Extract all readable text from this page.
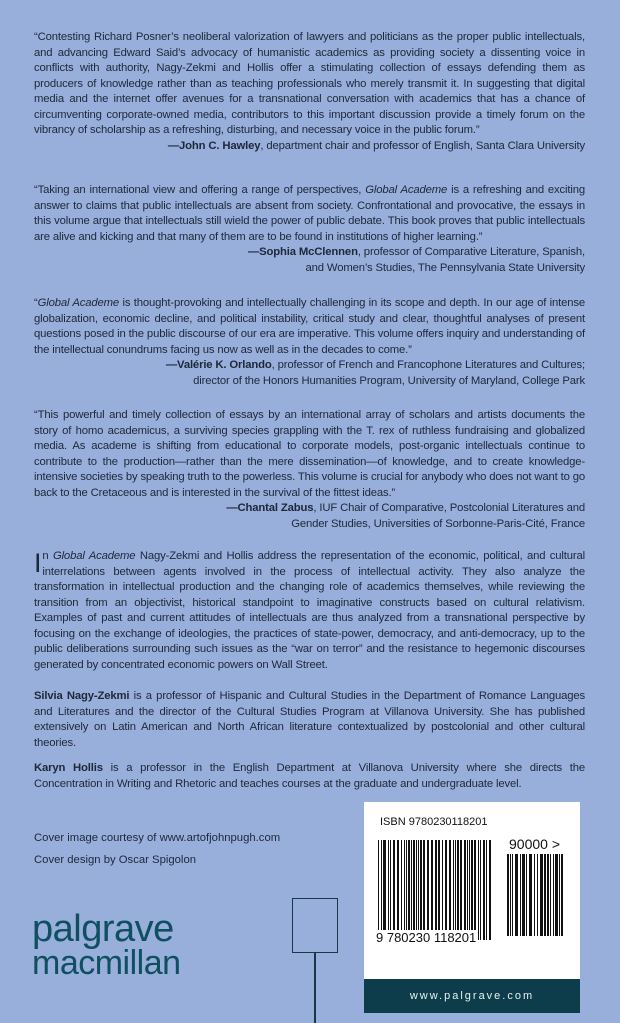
“Contesting Richard Posner’s neoliberal valorization of lawyers and politicians as the proper public intellectuals, and advancing Edward Said’s advocacy of humanistic academics as providing society a dissenting voice in conflicts with authority, Nagy-Zekmi and Hollis offer a stimulating collection of essays defending them as producers of knowledge rather than as teaching professionals who merely transmit it. In suggesting that digital media and the internet offer avenues for a transnational conversation with academics that has a chance of circumventing corporate-owned media, contributors to this important discussion provide a timely forum on the vibrancy of scholarship as a refreshing, disturbing, and necessary voice in the public forum.”

—John C. Hawley, department chair and professor of English, Santa Clara University

“Taking an international view and offering a range of perspectives, Global Academe is a refreshing and exciting answer to claims that public intellectuals are absent from society. Confrontational and provocative, the essays in this volume argue that intellectuals still wield the power of public debate. This book proves that public intellectuals are alive and kicking and that many of them are to be found in institutions of higher learning.”

—Sophia McClennen, professor of Comparative Literature, Spanish,
and Women’s Studies, The Pennsylvania State University

“Global Academe is thought-provoking and intellectually challenging in its scope and depth. In our age of intense globalization, economic decline, and political instability, critical study and clear, thoughtful analyses of present questions posed in the public discourse of our era are imperative. This volume offers inquiry and understanding of the intellectual conundrums facing us now as well as in the decades to come.”

—Valérie K. Orlando, professor of French and Francophone Literatures and Cultures;
director of the Honors Humanities Program, University of Maryland, College Park

“This powerful and timely collection of essays by an international array of scholars and artists documents the story of homo academicus, a surviving species grappling with the T. rex of ruthless fundraising and globalized media. As academe is shifting from educational to corporate models, post-organic intellectuals continue to contribute to the production—rather than the mere dissemination—of knowledge, and to create knowledge-intensive societies by speaking truth to the powerless. This volume is crucial for anybody who does not want to go back to the Cretaceous and is interested in the survival of the fittest ideas.”

—Chantal Zabus, IUF Chair of Comparative, Postcolonial Literatures and
Gender Studies, Universities of Sorbonne-Paris-Cité, France

In Global Academe Nagy-Zekmi and Hollis address the representation of the economic, political, and cultural interrelations between agents involved in the process of intellectual activity. They also analyze the transformation in intellectual production and the changing role of academics themselves, while reviewing the transition from an objectivist, historical standpoint to imaginative constructs based on cultural relativism. Examples of past and current attitudes of intellectuals are thus analyzed from a transnational perspective by focusing on the exchange of ideologies, the practices of state-power, democracy, and anti-democracy, up to the public deliberations surrounding such issues as the “war on terror” and the resistance to hegemonic discourses generated by concentrated economic powers on Wall Street.

Silvia Nagy-Zekmi is a professor of Hispanic and Cultural Studies in the Department of Romance Languages and Literatures and the director of the Cultural Studies Program at Villanova University. She has published extensively on Latin American and North African literature contextualized by postcolonial and other cultural theories.

Karyn Hollis is a professor in the English Department at Villanova University where she directs the Concentration in Writing and Rhetoric and teaches courses at the graduate and undergraduate level.

Cover image courtesy of www.artofjohnpugh.com
Cover design by Oscar Spigolon
palgrave
macmillan
ISBN 9780230118201
90000 >
9 780230 118201
www.palgrave.com
